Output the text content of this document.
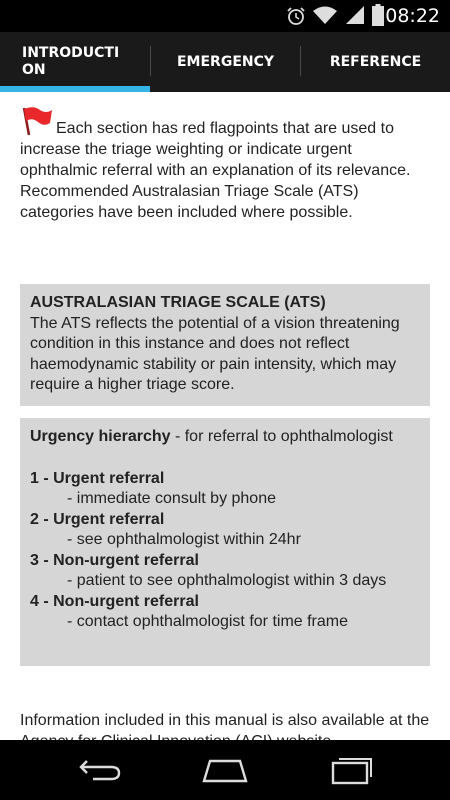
08:22
INTRODUCTION	EMERGENCY	REFERENCE

Each section has red flagpoints that are used to increase the triage weighting or indicate urgent ophthalmic referral with an explanation of its relevance. Recommended Australasian Triage Scale (ATS) categories have been included where possible.

AUSTRALASIAN TRIAGE SCALE (ATS)
The ATS reflects the potential of a vision threatening condition in this instance and does not reflect haemodynamic stability or pain intensity, which may require a higher triage score.
Urgency hierarchy - for referral to ophthalmologist
1 - Urgent referral
- immediate consult by phone
2 - Urgent referral
- see ophthalmologist within 24hr
3 - Non-urgent referral
- patient to see ophthalmologist within 3 days
4 - Non-urgent referral
- contact ophthalmologist for time frame

Information included in this manual is also available at the
